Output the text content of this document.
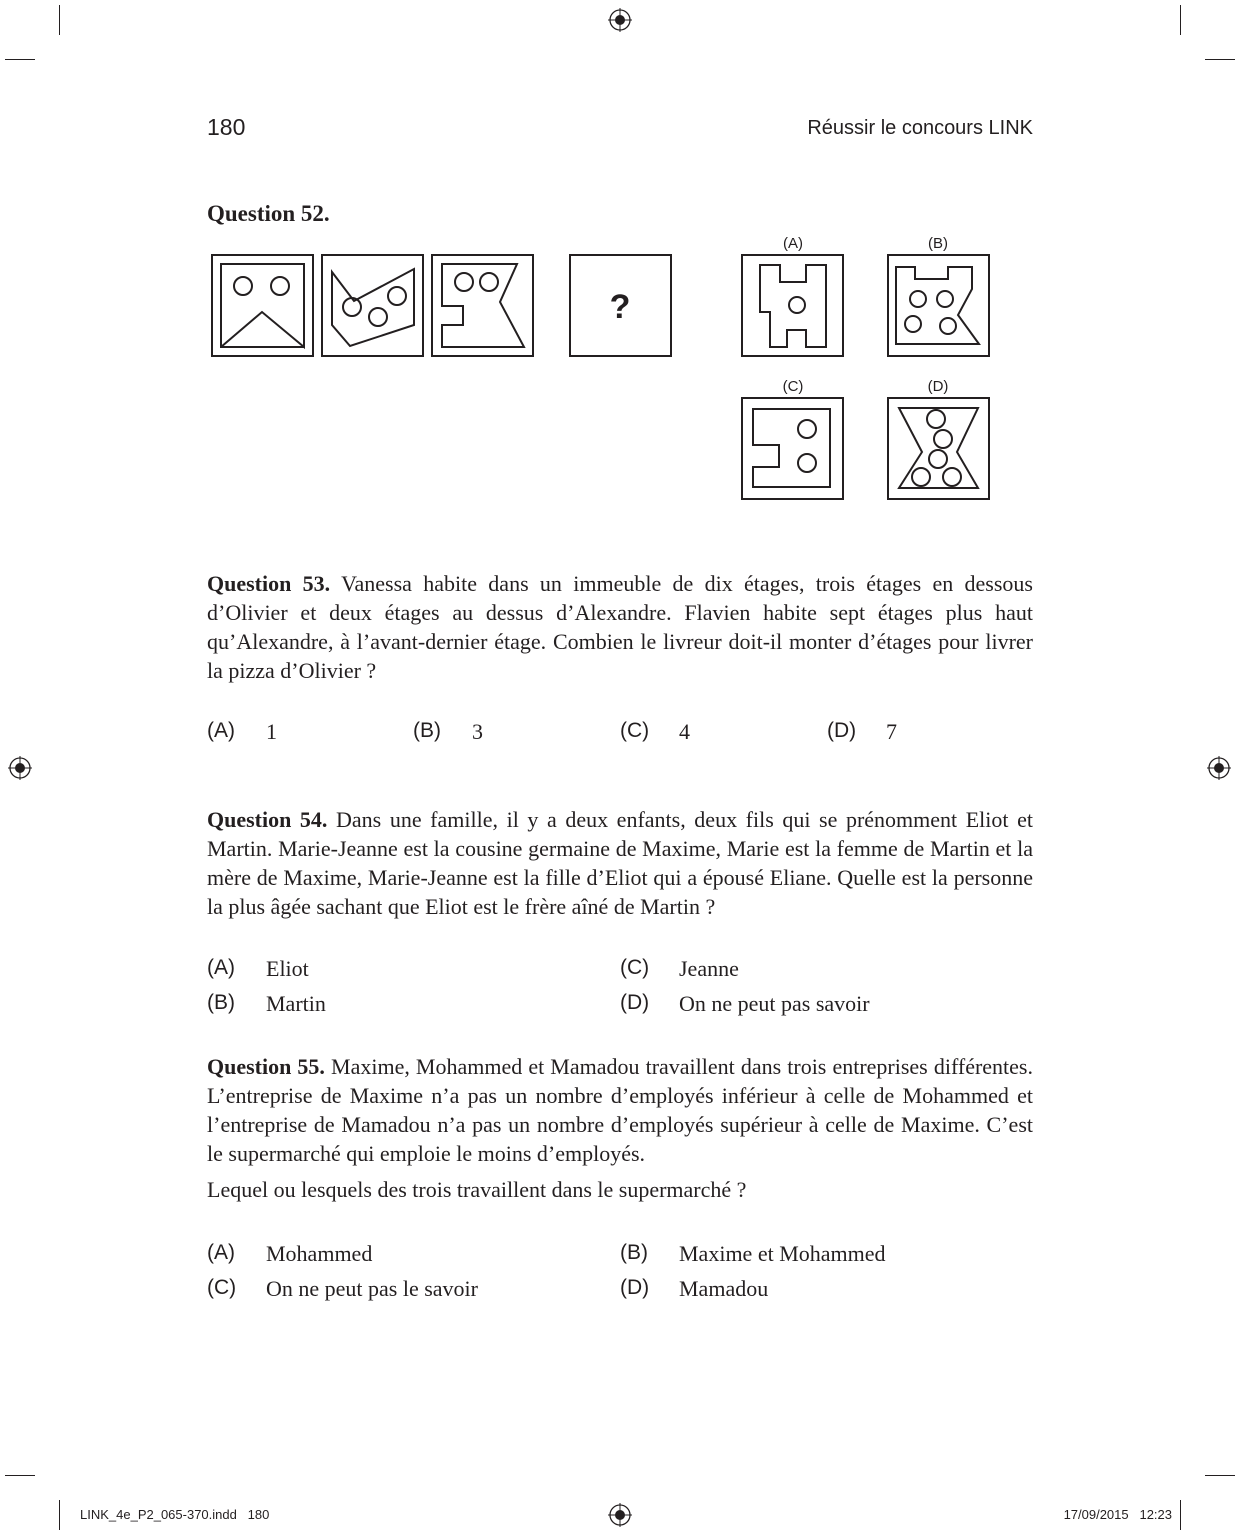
180	Réussir le concours LINK
Question 52.
?
(A)	(B)
(C)	(D)
Question 53. Vanessa habite dans un immeuble de dix étages, trois étages en dessous d’Olivier et deux étages au dessus d’Alexandre. Flavien habite sept étages plus haut qu’Alexandre, à l’avant-dernier étage. Combien le livreur doit-il monter d’étages pour livrer la pizza d’Olivier ?
(A) 1	(B) 3	(C) 4	(D) 7
Question 54. Dans une famille, il y a deux enfants, deux fils qui se prénomment Eliot et Martin. Marie-Jeanne est la cousine germaine de Maxime, Marie est la femme de Martin et la mère de Maxime, Marie-Jeanne est la fille d’Eliot qui a épousé Eliane. Quelle est la personne la plus âgée sachant que Eliot est le frère aîné de Martin ?
(A) Eliot	(C) Jeanne
(B) Martin	(D) On ne peut pas savoir
Question 55. Maxime, Mohammed et Mamadou travaillent dans trois entreprises différentes. L’entreprise de Maxime n’a pas un nombre d’employés inférieur à celle de Mohammed et l’entreprise de Mamadou n’a pas un nombre d’employés supérieur à celle de Maxime. C’est le supermarché qui emploie le moins d’employés.
Lequel ou lesquels des trois travaillent dans le supermarché ?
(A) Mohammed	(B) Maxime et Mohammed
(C) On ne peut pas le savoir	(D) Mamadou
LINK_4e_P2_065-370.indd   180	17/09/2015   12:23
